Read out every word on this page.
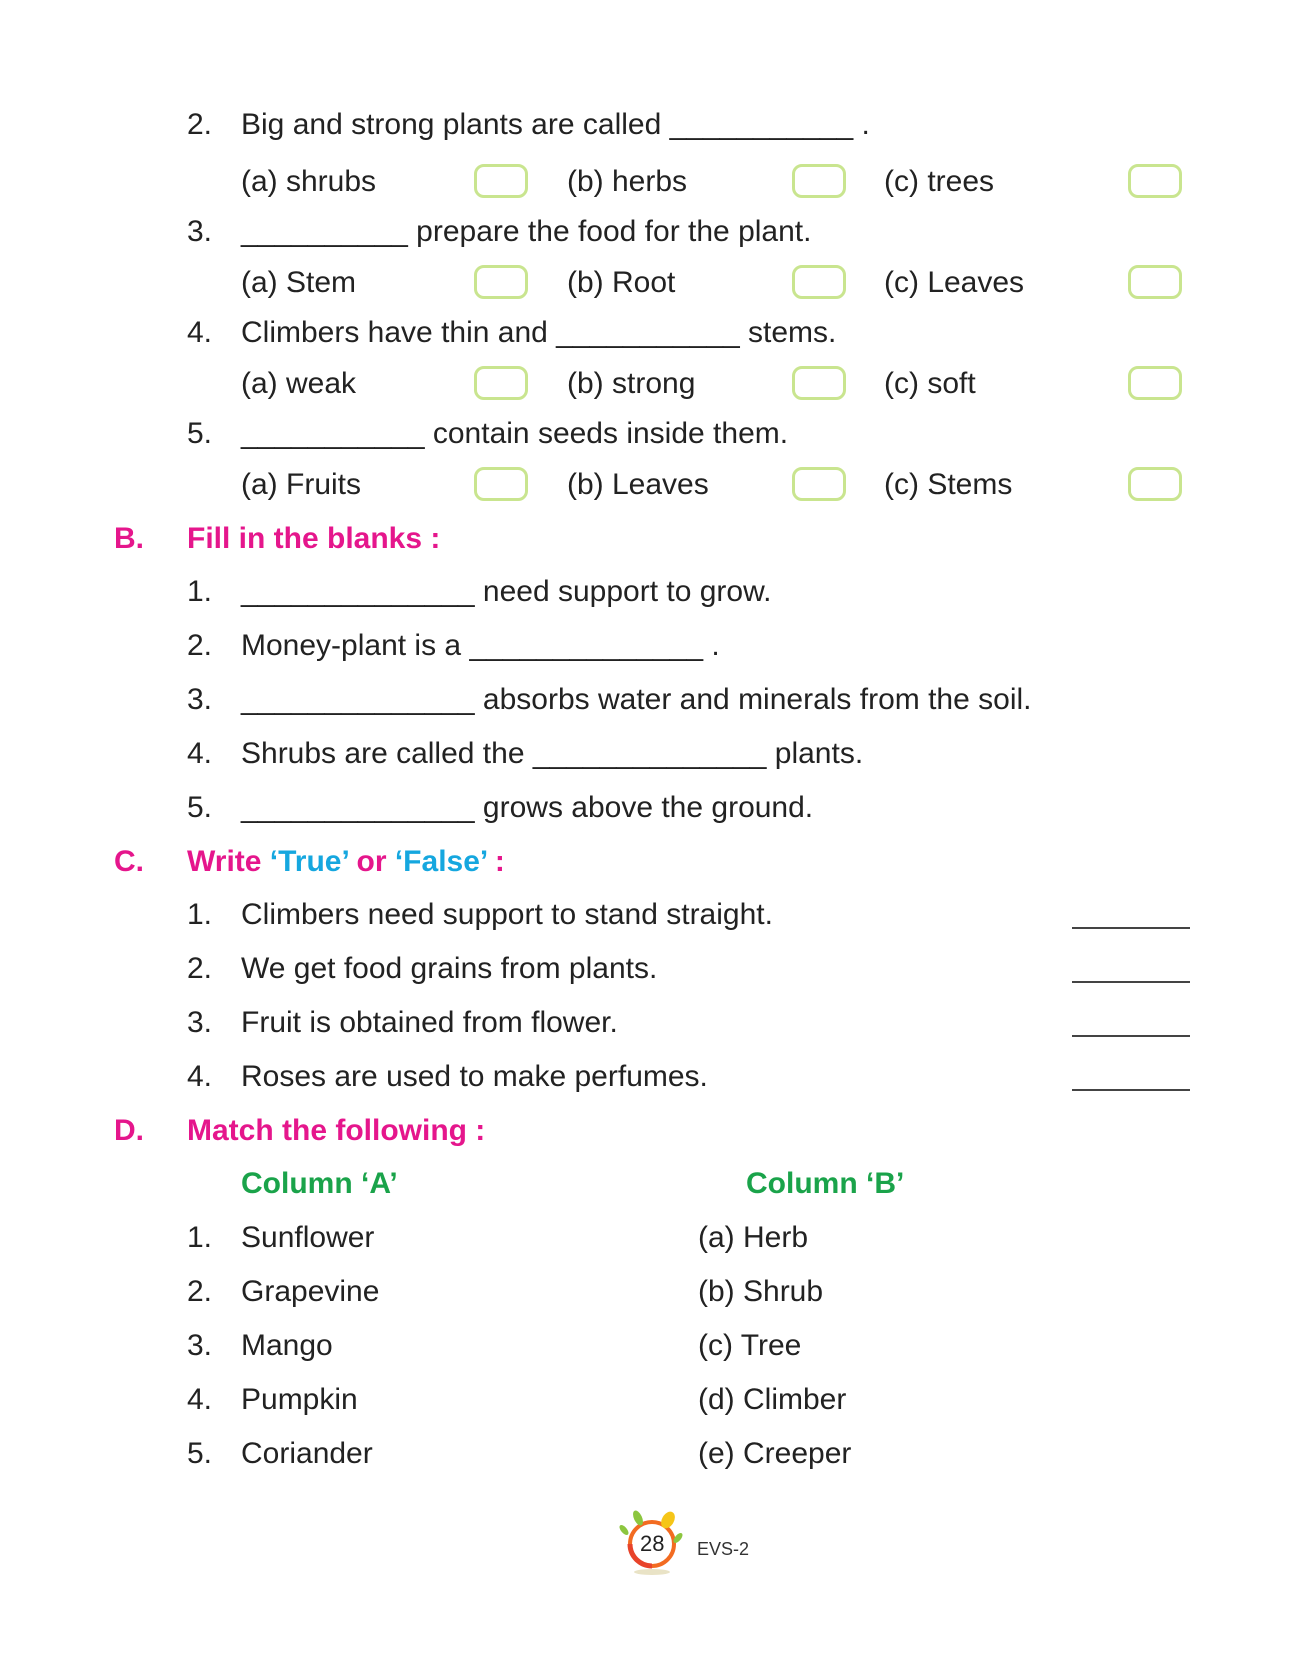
2. Big and strong plants are called ___________ .
(a) shrubs	(b) herbs	(c) trees
3. __________ prepare the food for the plant.
(a) Stem	(b) Root	(c) Leaves
4. Climbers have thin and ___________ stems.
(a) weak	(b) strong	(c) soft
5. ___________ contain seeds inside them.
(a) Fruits	(b) Leaves	(c) Stems
B. Fill in the blanks :
1. ______________ need support to grow.
2. Money-plant is a ______________ .
3. ______________ absorbs water and minerals from the soil.
4. Shrubs are called the ______________ plants.
5. ______________ grows above the ground.
C. Write ‘True’ or ‘False’ :
1. Climbers need support to stand straight.
2. We get food grains from plants.
3. Fruit is obtained from flower.
4. Roses are used to make perfumes.
D. Match the following :
Column ‘A’	Column ‘B’
1. Sunflower	(a) Herb
2. Grapevine	(b) Shrub
3. Mango	(c) Tree
4. Pumpkin	(d) Climber
5. Coriander	(e) Creeper
28 EVS-2
